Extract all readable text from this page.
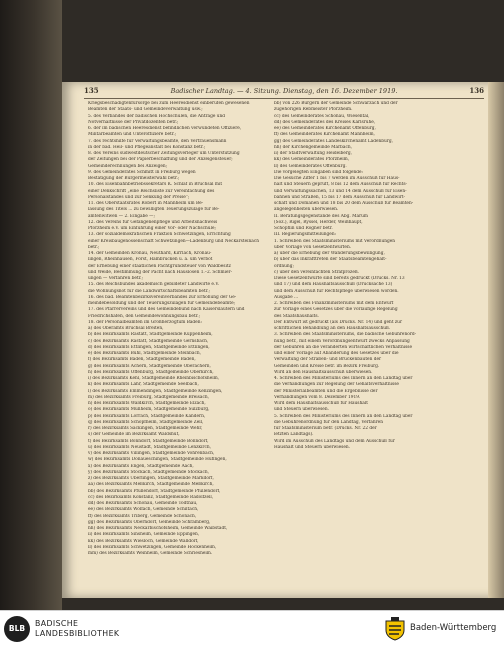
135	Badischer Landtag. — 4. Sitzung. Dienstag, den 16. Dezember 1919.	136

Kriegsbeschädigtenfürsorge bei zum Heeresdienst einberufen gewesenen

Beamten der Staats- und Gemeindeverwaltung usw.;

5. des Verbandes der badischen Hochschulen, die Anträge und

Notverhältnisse der Privatdozenten betr.;

6. der im badischen Heeresdienst befindlichen verwundeten Offiziere,

Militärbeamten und Unteroffiziere betr.;

7. des rechtshilfe für Verwaltungsbeamte, den Vertrauensmann

in der bad. Heil- und Pflegeanstalt bei Konstanz betr.;

8. des Vereins südwestdeutscher Zeitungsverleger um Unterstützung

der Zeitungen bei der Papierbeschaffung und der Anzeigensteuer;

Gemeinderechnungen bei Anzeigen;

9. des Gemeinderates Schmitt in Freiburg wegen

Bestätigung der Bürgermeisterwahl betr.;

10. des Eisenbahnbetriebssekretärs K. Schlaf in Bruchsal mit

einer Denkschrift „eine Reichsliste zur Vereinfachung des

Personalstandes und zur Senkung der Preise“;

11. des Oberstaatsrates Robert in Mannheim um Be-

lassung des Titels ... zu bewilligten Teuerungszulage für Be-

amtenwitwen — 2. Eingabe —;

12. des Vereins für Gefangenenpflege und Arbeitsnachweis

Pforzheim e.V. um Einführung einer Vor- oder Nachschule;

13. der sozialdemokratischen Fraktion Schwetzingen, Errichtung

einer Kreisbaugenossenschaft Schwetzingen—Ladenburg und Neckarsteinach

betr.;

14. der Gemeinden Kronau, Neuthard, Kirrlach, Kronau-

lingen, Rheinhausen, Forst, Hambrücken u. a. um Verbot

der Erhebung einer staatlichen Pachtgrundsteuer von Waldbesitz

und Weide, Bestimmung der Pacht nach Hauslosen 1.–2. Schmier-

ungen — Verfahren betr.;

15. des Reichsbundes akademisch gebildeter Landwirte e.V.

die Wohnungsnot für die Landwirtschaftsbeamten betr.;

16. des bad. Beamtenbezirksvereinverbandes zur Erhöhung der Ge-

meindebesoldung und der Teuerungszulagen für Gemeindebeamte;

17. des Pfarrervereins und des Gemeindebund nach Kaiserslautern und

Friedrichshafen, den Gemeindewohnungsbau betr.;

18. der Personalbeamten im Großherzogtum Baden:

a) des Oberamts Bruchsal Breiten,

b) des Bezirksamts Rastatt, Stadtgemeinde Kuppenheim,

c) des Bezirksamts Rastatt, Stadtgemeinde Gernsbach,

d) des Bezirksamts Ettlingen, Stadtgemeinde Ettlingen,

e) des Bezirksamts Bühl, Stadtgemeinde Steinbach,

f) des Bezirksamts Baden, Stadtgemeinde Baden,

g) des Bezirksamts Achern, Stadtgemeinde Oberachern,

h) des Bezirksamts Offenburg, Stadtgemeinde Oberkirch,

i) des Bezirksamts Kehl, Stadtgemeinde Rheinbischofsheim,

k) des Bezirksamts Lahr, Stadtgemeinde Seelbach,

l) des Bezirksamts Emmendingen, Stadtgemeinde Kenzingen,

m) des Bezirksamts Freiburg, Stadtgemeinde Breisach,

n) des Bezirksamts Waldkirch, Stadtgemeinde Elzach,

o) des Bezirksamts Müllheim, Stadtgemeinde Sulzburg,

p) des Bezirksamts Lörrach, Stadtgemeinde Kandern,

q) des Bezirksamts Schopfheim, Stadtgemeinde Zell,

r) des Bezirksamts Säckingen, Stadtgemeinde Wehr,

s) der Gemeinde im Bezirksamt Waldshut,

t) des Bezirksamts Bonndorf, Stadtgemeinde Bonndorf,

u) des Bezirksamts Neustadt, Stadtgemeinde Lenzkirch,

v) des Bezirksamts Villingen, Stadtgemeinde Vöhrenbach,

w) des Bezirksamts Donaueschingen, Stadtgemeinde Hüfingen,

x) des Bezirksamts Engen, Stadtgemeinde Aach,

y) des Bezirksamts Stockach, Stadtgemeinde Stockach,

z) des Bezirksamts Überlingen, Stadtgemeinde Markdorf,

aa) des Bezirksamts Meßkirch, Stadtgemeinde Meßkirch,

bb) des Bezirksamts Pfullendorf, Stadtgemeinde Pfullendorf,

cc) des Bezirksamts Konstanz, Stadtgemeinde Radolfzell,

dd) des Bezirksamts Schönau, Gemeinde Todtnau,

ee) des Bezirksamts Wolfach, Gemeinde Schiltach,

ff) des Bezirksamts Triberg, Gemeinde Schonach,

gg) des Bezirksamts Oberndorf, Gemeinde Schramberg,

hh) des Bezirksamts Neckarbischofsheim, Gemeinde Waibstadt,

ii) des Bezirksamts Sinsheim, Gemeinde Eppingen,

kk) des Bezirksamts Wiesloch, Gemeinde Walldorf,

ll) des Bezirksamts Schwetzingen, Gemeinde Hockenheim,

mm) des Bezirksamts Weinheim, Gemeinde Schriesheim.

bb) von 226 Bürgern der Gemeinde Schwarzach und der

zugehörigen Rebmeister Pforzheim.

cc) des Gemeinderates Schönau, Wiesental,

dd) des Gemeinderates des Kreises Karlsruhe,

ee) des Gemeinderates Kirchenamt Offenburg,

ff) des Gemeinderates Kirchenamt Mannheim,

gg) des Gemeinderates Landeskirchenamt Ladenburg,

hh) der Kirchengemeinde Marbach,

ii) der Stadtverwaltung Heidelberg,

kk) des Gemeinderates Pforzheim,

ll) des Gemeinderates Offenburg.

Die vorgelegten Eingaben sind folgende:

Die Gesuche Ziffer 1 bis 7 werden im Ausschuß für Haus-

halt und Steuern geprüft, 8 bis 12 dem Ausschuß für Rechts-

und Verwaltungssachen, 13 und 14 dem Ausschuß für Eisen-

bahnen und Straßen, 15 bis 17 dem Ausschuß für Landwirt-

schaft und Domänen und 18 bis 20 dem Ausschuß für Beamten-

angelegenheiten überwiesen.

II. Beratungsgegenstände des Abg. Marum

(Soz.), Rigel, Ryssel, Herder, Weißhaupt,

Schöpflin und Rögner betr.

III. Regierungsmitteilungen:

1. Schreiben des Staatsministeriums mit Verordnungen

über Vorlage von Gesetzentwürfen.

a) über die Erhebung der Wanderungsbewilligung,

b) über das Inkrafttreten der Staatsbeamtengehalt-

ordnung;

c) über den vereinfachten Strafprozeß.

Diese Gesetzentwürfe sind bereits gedruckt (Drucks. Nr. 13

und 17) und dem Haushaltsausschuß (Drucksache 13)

und dem Ausschuß für Rechtspflege überwiesen worden.

Ausgabe ...

2. Schreiben des Finanzministeriums mit dem Entwurf

zur Vorlage eines Gesetzes über die vorläufige Regelung

des Staatshaushalts.

Der Entwurf ist gedruckt (als Drucks. Nr. 14) und geht zur

schriftlichen Behandlung an den Haushaltsausschuß.

3. Schreiben des Staatsministeriums, die badische Gebührenord-

nung betr., mit einem Verordnungsentwurf zwecks Anpassung

der Gebühren an die veränderten wirtschaftlichen Verhältnisse

und einer Vorlage auf Abänderung des Gesetzes über die

Verwaltung der Straßen- und Brückenbauten der

Gemeinden und Kreise betr. im Bezirk Freiburg.

Wird an den Haushaltsausschuß überwiesen.

4. Schreiben des Ministeriums des Innern an den Landtag über

die Verhandlungen zur Regelung der Gehaltsverhältnisse

der Ministerialbeamten und die Ergebnisse der

Verhandlungen vom 8. Dezember 1919.

Wird dem Haushaltsausschuß für Haushalt

und Steuern überwiesen.

5. Schreiben des Ministeriums des Innern an den Landtag über

die Gebührenordnung für den Landtag, Verfahren

für Staatsministerium betr. (Drucks. Nr. 22 der

letzten Landtags).

Wird im Ausschuß des Landtags und dem Ausschuß für

Haushalt und Steuern überwiesen.

BLB
BADISCHE
LANDESBIBLIOTHEK
Baden-Württemberg
